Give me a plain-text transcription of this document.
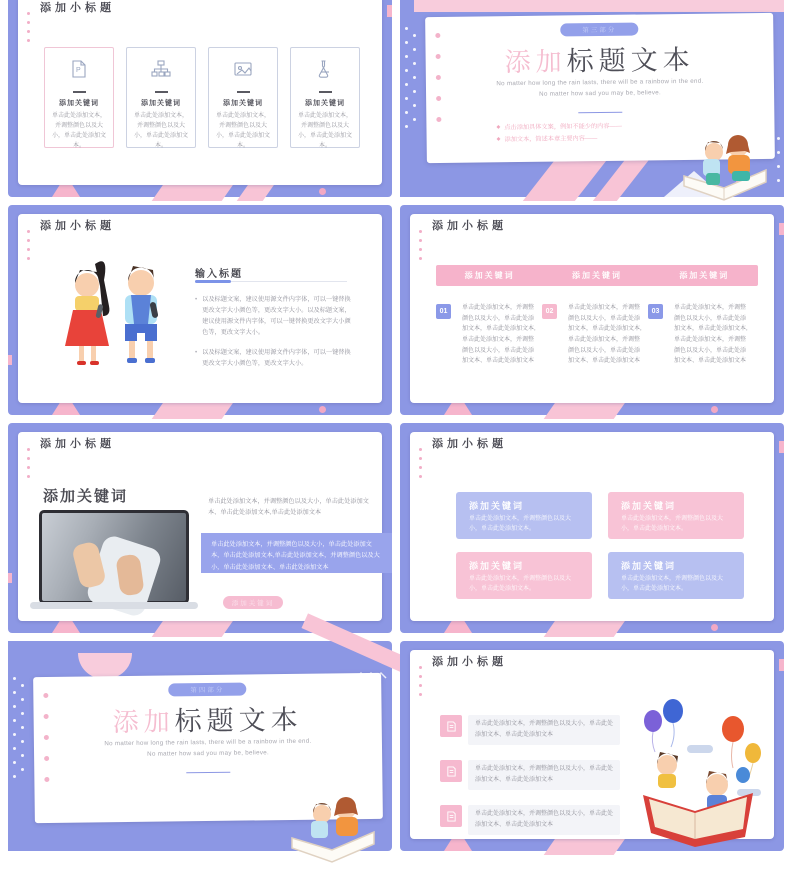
添加小标题
P
添加关键词
单击此处添加文本，并调整颜色以及大小，单击此处添加文本。
添加关键词
单击此处添加文本，并调整颜色以及大小，单击此处添加文本。
添加关键词
单击此处添加文本，并调整颜色以及大小，单击此处添加文本。
添加关键词
单击此处添加文本，并调整颜色以及大小，单击此处添加文本。
第三部分
添加标题文本
No matter how long the rain lasts, there will be a rainbow in the end.
No matter how sad you may be, believe.
◆ 点击添加具体文案，例如不能少的内容——
◆ 添加文本，简述本章主要内容——
添加小标题
输入标题
• 以及标题文案，建议使用源文件内字体，可以一键替换更改文字大小颜色等，更改文字大小。以及标题文案，建议使用源文件内字体，可以一键替换更改文字大小颜色等，更改文字大小。
• 以及标题文案，建议使用源文件内字体，可以一键替换更改文字大小颜色等，更改文字大小。
添加小标题
添加关键词	添加关键词	添加关键词
01	单击此处添加文本，并调整颜色以及大小，单击此处添加文本，单击此处添加文本,单击此处添加文本，并调整颜色以及大小，单击此处添加文本、单击此处添加文本
02	单击此处添加文本，并调整颜色以及大小，单击此处添加文本，单击此处添加文本,单击此处添加文本，并调整颜色以及大小，单击此处添加文本、单击此处添加文本
03	单击此处添加文本，并调整颜色以及大小，单击此处添加文本，单击此处添加文本,单击此处添加文本，并调整颜色以及大小，单击此处添加文本、单击此处添加文本
添加小标题
添加关键词	单击此处添加文本，并调整颜色以及大小，单击此处添加文本、单击此处添加文本,单击此处添加文本
添加关键词
单击此处添加文本，并调整颜色以及大小，单击此处添加文本，单击此处添加文本,单击此处添加文本，并调整颜色以及大小，单击此处添加文本、单击此处添加文本
添加小标题
添加关键词
单击此处添加文本，并调整颜色以及大小，单击此处添加文本。
添加关键词
单击此处添加文本，并调整颜色以及大小，单击此处添加文本。
添加关键词
单击此处添加文本，并调整颜色以及大小，单击此处添加文本。
添加关键词
单击此处添加文本，并调整颜色以及大小，单击此处添加文本。
第四部分
添加标题文本
No matter how long the rain lasts, there will be a rainbow in the end.
No matter how sad you may be, believe.
添加小标题
单击此处添加文本，并调整颜色以及大小，单击此处添加文本、单击此处添加文本
单击此处添加文本，并调整颜色以及大小，单击此处添加文本、单击此处添加文本
单击此处添加文本，并调整颜色以及大小，单击此处添加文本、单击此处添加文本
